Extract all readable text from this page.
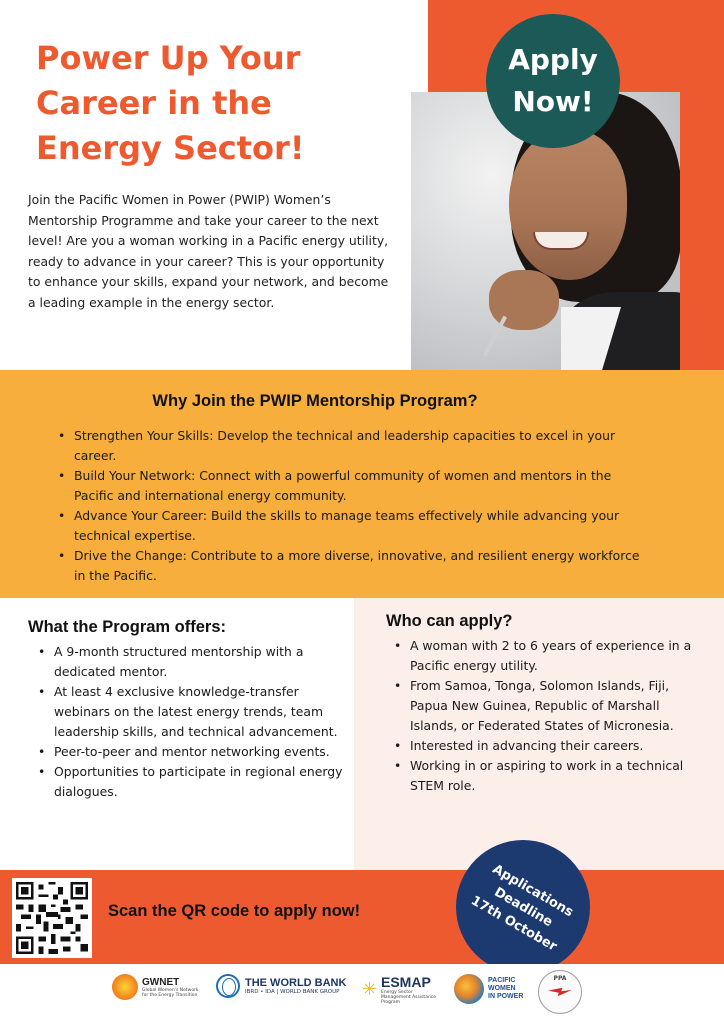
Apply
Now!
Power Up Your
Career in the
Energy Sector!

Join the Pacific Women in Power (PWIP) Women’s Mentorship Programme and take your career to the next level! Are you a woman working in a Pacific energy utility, ready to advance in your career? This is your opportunity to enhance your skills, expand your network, and become a leading example in the energy sector.

Why Join the PWIP Mentorship Program?
• Strengthen Your Skills: Develop the technical and leadership capacities to excel in your career.
• Build Your Network: Connect with a powerful community of women and mentors in the Pacific and international energy community.
• Advance Your Career: Build the skills to manage teams effectively while advancing your technical expertise.
• Drive the Change: Contribute to a more diverse, innovative, and resilient energy workforce in the Pacific.
What the Program offers:
• A 9-month structured mentorship with a dedicated mentor.
• At least 4 exclusive knowledge-transfer webinars on the latest energy trends, team leadership skills, and technical advancement.
• Peer-to-peer and mentor networking events.
• Opportunities to participate in regional energy dialogues.
Who can apply?
• A woman with 2 to 6 years of experience in a Pacific energy utility.
• From Samoa, Tonga, Solomon Islands, Fiji, Papua New Guinea, Republic of Marshall Islands, or Federated States of Micronesia.
• Interested in advancing their careers.
• Working in or aspiring to work in a technical STEM role.
Scan the QR code to apply now!	Applications
Deadline
17th October
GWNET
Global Women's Network for the Energy Transition
THE WORLD BANK
IBRD • IDA | WORLD BANK GROUP	✳ ESMAP
Energy Sector Management Assistance Program
PACIFIC
WOMEN
IN POWER
PPA
